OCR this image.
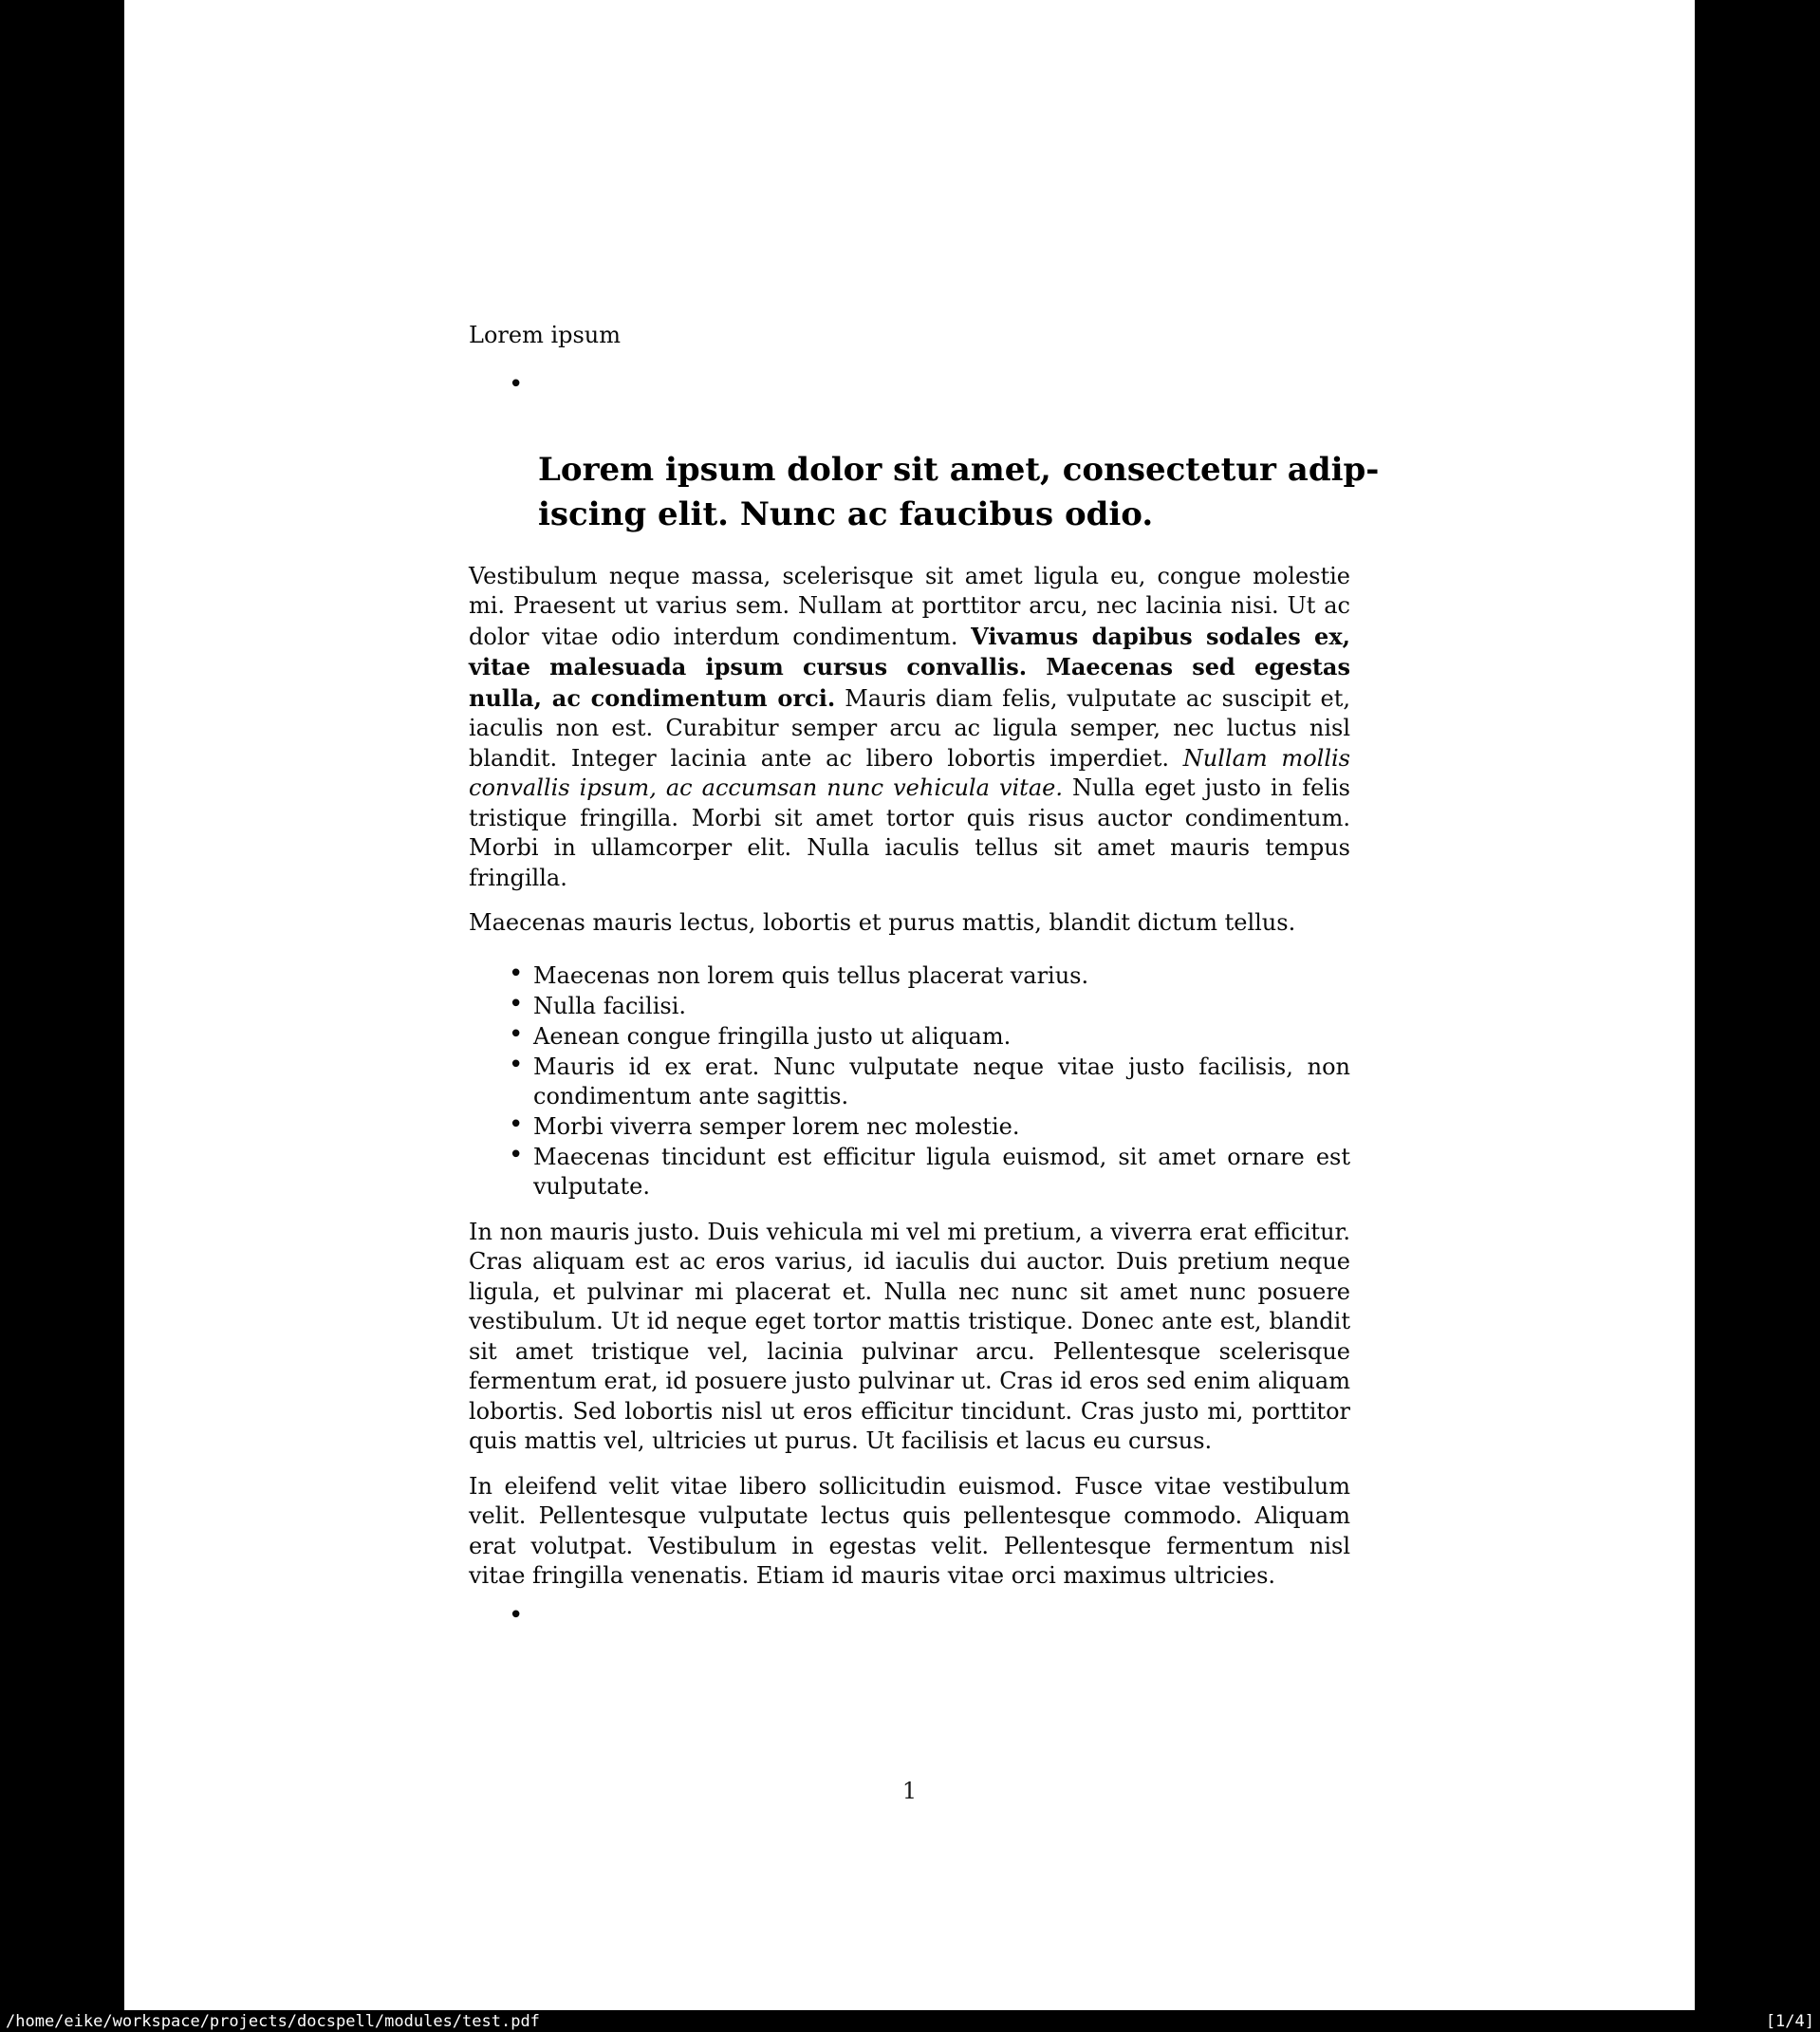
Lorem ipsum

•
Lorem ipsum dolor sit amet, consectetur adip-
iscing elit. Nunc ac faucibus odio.

Vestibulum neque massa, scelerisque sit amet ligula eu, congue molestie mi. Praesent ut varius sem. Nullam at porttitor arcu, nec lacinia nisi. Ut ac dolor vitae odio interdum condimentum. Vivamus dapibus sodales ex, vitae malesuada ipsum cursus convallis. Maecenas sed egestas nulla, ac condimentum orci. Mauris diam felis, vulputate ac suscipit et, iaculis non est. Curabitur semper arcu ac ligula semper, nec luctus nisl blandit. Integer lacinia ante ac libero lobortis imperdiet. Nullam mollis convallis ipsum, ac accumsan nunc vehicula vitae. Nulla eget justo in felis tristique fringilla. Morbi sit amet tortor quis risus auctor condimentum. Morbi in ullamcorper elit. Nulla iaculis tellus sit amet mauris tempus fringilla.

Maecenas mauris lectus, lobortis et purus mattis, blandit dictum tellus.

• Maecenas non lorem quis tellus placerat varius.
• Nulla facilisi.
• Aenean congue fringilla justo ut aliquam.
• Mauris id ex erat. Nunc vulputate neque vitae justo facilisis, non condimentum ante sagittis.
• Morbi viverra semper lorem nec molestie.
• Maecenas tincidunt est efficitur ligula euismod, sit amet ornare est vulputate.

In non mauris justo. Duis vehicula mi vel mi pretium, a viverra erat efficitur. Cras aliquam est ac eros varius, id iaculis dui auctor. Duis pretium neque ligula, et pulvinar mi placerat et. Nulla nec nunc sit amet nunc posuere vestibulum. Ut id neque eget tortor mattis tristique. Donec ante est, blandit sit amet tristique vel, lacinia pulvinar arcu. Pellentesque scelerisque fermentum erat, id posuere justo pulvinar ut. Cras id eros sed enim aliquam lobortis. Sed lobortis nisl ut eros efficitur tincidunt. Cras justo mi, porttitor quis mattis vel, ultricies ut purus. Ut facilisis et lacus eu cursus.

In eleifend velit vitae libero sollicitudin euismod. Fusce vitae vestibulum velit. Pellentesque vulputate lectus quis pellentesque commodo. Aliquam erat volutpat. Vestibulum in egestas velit. Pellentesque fermentum nisl vitae fringilla venenatis. Etiam id mauris vitae orci maximus ultricies.

•
1
/home/eike/workspace/projects/docspell/modules/test.pdf	[1/4]
